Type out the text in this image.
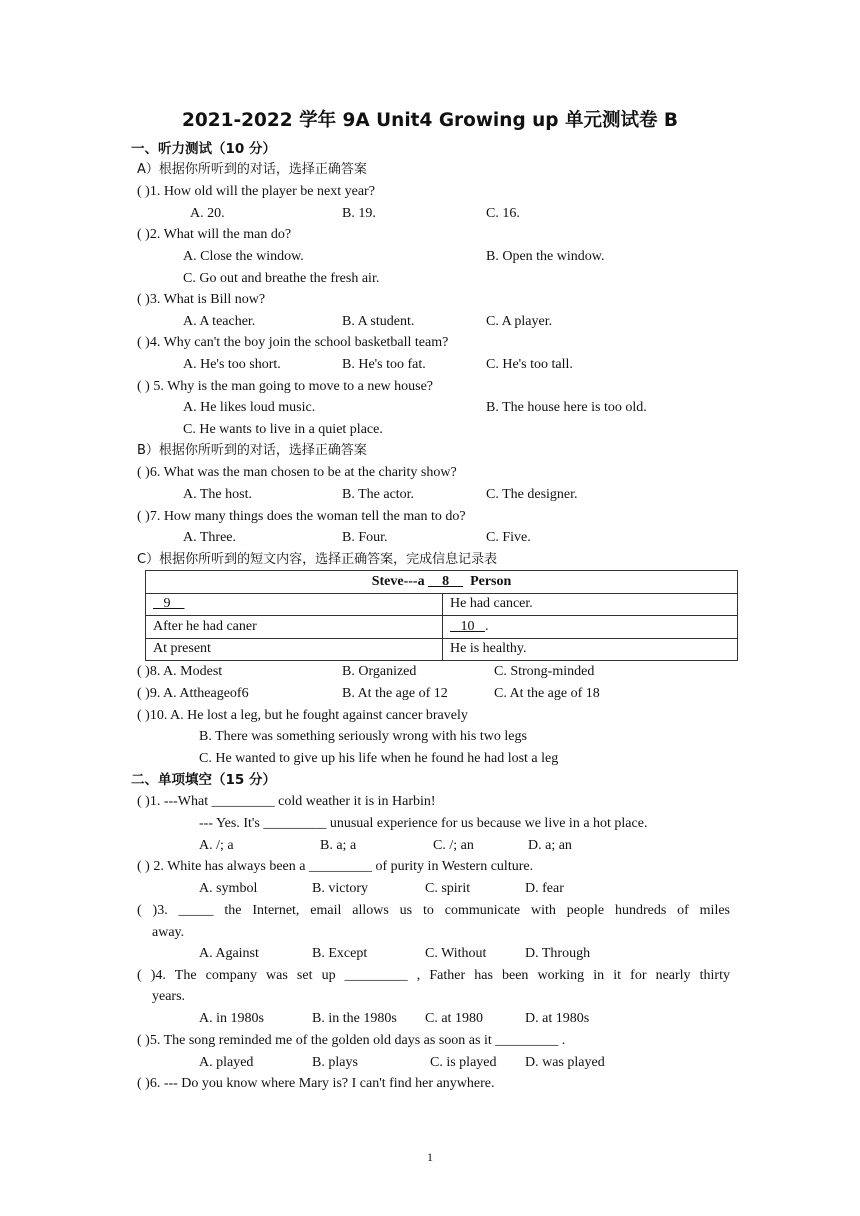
2021-2022 学年 9A Unit4 Growing up 单元测试卷 B
一、听力测试（10 分）
A）根据你所听到的对话，选择正确答案
( )1. How old will the player be next year?
A. 20.	B. 19.	C. 16.
( )2. What will the man do?
A. Close the window.	B. Open the window.
C. Go out and breathe the fresh air.
( )3. What is Bill now?
A. A teacher.	B. A student.	C. A player.
( )4. Why can't the boy join the school basketball team?
A. He's too short.	B. He's too fat.	C. He's too tall.
( ) 5. Why is the man going to move to a new house?
A. He likes loud music.	B. The house here is too old.
C. He wants to live in a quiet place.
B）根据你所听到的对话，选择正确答案
( )6. What was the man chosen to be at the charity show?
A. The host.	B. The actor.	C. The designer.
( )7. How many things does the woman tell the man to do?
A. Three.	B. Four.	C. Five.
C）根据你所听到的短文内容，选择正确答案，完成信息记录表
Steve---a     8      Person	
9	He had cancer.
After he had caner	10   .
At present	He is healthy.
( )8. A. Modest	B. Organized	C. Strong-minded
( )9. A. Attheageof6	B. At the age of 12	C. At the age of 18
( )10. A. He lost a leg, but he fought against cancer bravely
B. There was something seriously wrong with his two legs
C. He wanted to give up his life when he found he had lost a leg
二、单项填空（15 分）
( )1. ---What _________ cold weather it is in Harbin!
--- Yes. It's _________ unusual experience for us because we live in a hot place.
A. /; a	B. a; a	C. /; an	D. a; an
( ) 2. White has always been a _________ of purity in Western culture.
A. symbol	B. victory	C. spirit	D. fear
( )3. _____ the Internet, email allows us to communicate with people hundreds of miles
away.
A. Against	B. Except	C. Without	D. Through
( )4. The company was set up _________ , Father has been working in it for nearly thirty
years.
A. in 1980s	B. in the 1980s C. at 1980	D. at 1980s
( )5. The song reminded me of the golden old days as soon as it _________ .
A. played	B. plays	C. is played D. was played
( )6. --- Do you know where Mary is? I can't find her anywhere.
1
